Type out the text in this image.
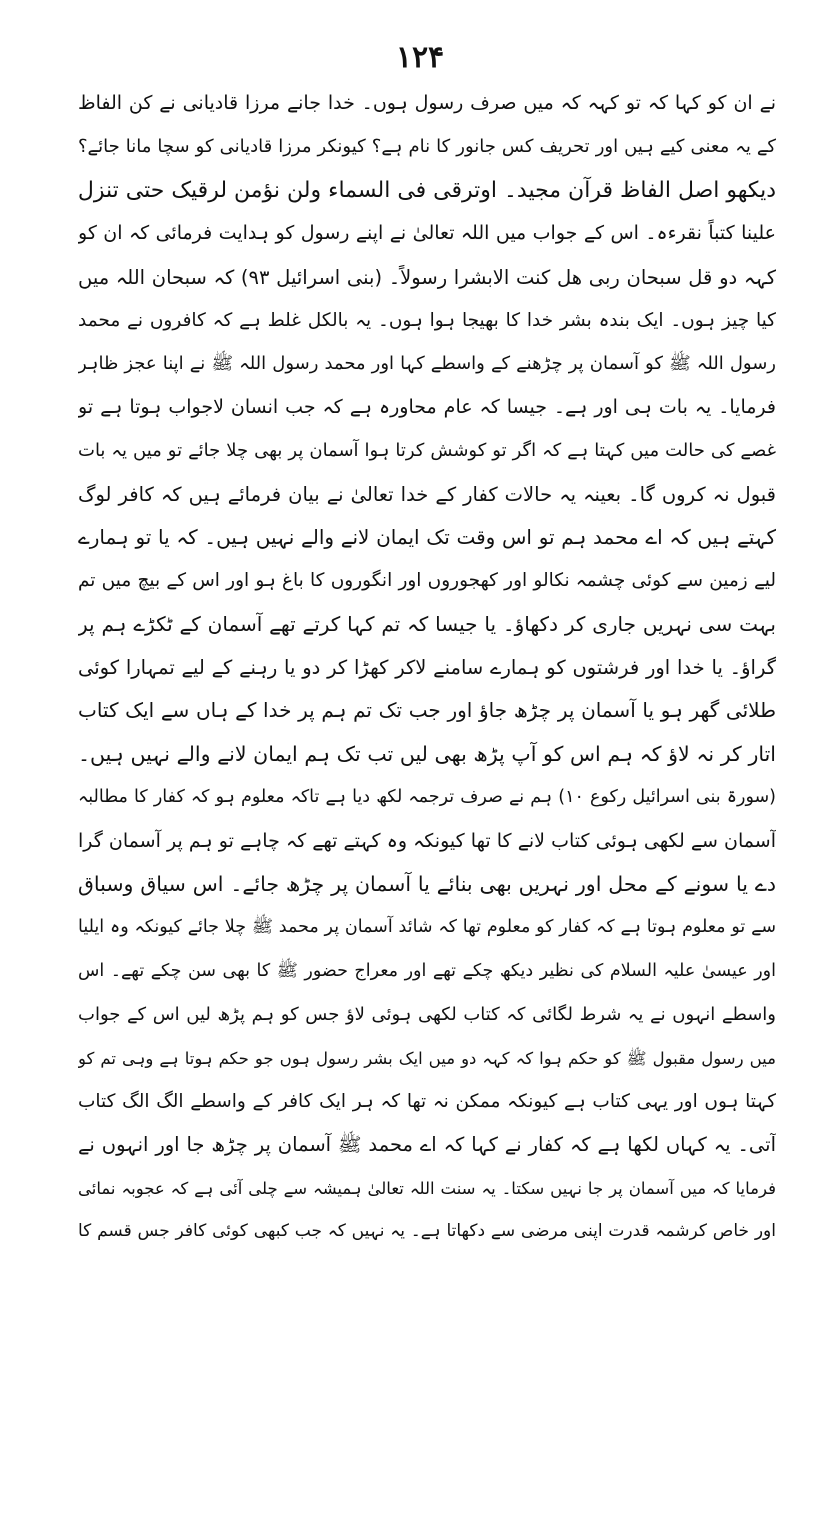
۱۲۴
نے ان کو کہا کہ تو کہہ کہ میں صرف رسول ہوں۔ خدا جانے مرزا قادیانی نے کن الفاظ
کے یہ معنی کیے ہیں اور تحریف کس جانور کا نام ہے؟ کیونکر مرزا قادیانی کو سچا مانا جائے؟
دیکھو اصل الفاظ قرآن مجید۔ اوترقی فی السماء ولن نؤمن لرقیک حتی تنزل
علینا کتباً نقرءہ۔ اس کے جواب میں اللہ تعالیٰ نے اپنے رسول کو ہدایت فرمائی کہ ان کو
کہہ دو قل سبحان ربی ھل کنت الابشرا رسولاً۔ (بنی اسرائیل ۹۳) کہ سبحان اللہ میں
کیا چیز ہوں۔ ایک بندہ بشر خدا کا بھیجا ہوا ہوں۔ یہ بالکل غلط ہے کہ کافروں نے محمد
رسول اللہ ﷺ کو آسمان پر چڑھنے کے واسطے کہا اور محمد رسول اللہ ﷺ نے اپنا عجز ظاہر
فرمایا۔ یہ بات ہی اور ہے۔ جیسا کہ عام محاورہ ہے کہ جب انسان لاجواب ہوتا ہے تو
غصے کی حالت میں کہتا ہے کہ اگر تو کوشش کرتا ہوا آسمان پر بھی چلا جائے تو میں یہ بات
قبول نہ کروں گا۔ بعینہ یہ حالات کفار کے خدا تعالیٰ نے بیان فرمائے ہیں کہ کافر لوگ
کہتے ہیں کہ اے محمد ہم تو اس وقت تک ایمان لانے والے نہیں ہیں۔ کہ یا تو ہمارے
لیے زمین سے کوئی چشمہ نکالو اور کھجوروں اور انگوروں کا باغ ہو اور اس کے بیچ میں تم
بہت سی نہریں جاری کر دکھاؤ۔ یا جیسا کہ تم کہا کرتے تھے آسمان کے ٹکڑے ہم پر
گراؤ۔ یا خدا اور فرشتوں کو ہمارے سامنے لاکر کھڑا کر دو یا رہنے کے لیے تمہارا کوئی
طلائی گھر ہو یا آسمان پر چڑھ جاؤ اور جب تک تم ہم پر خدا کے ہاں سے ایک کتاب
اتار کر نہ لاؤ کہ ہم اس کو آپ پڑھ بھی لیں تب تک ہم ایمان لانے والے نہیں ہیں۔
(سورۃ بنی اسرائیل رکوع ۱۰) ہم نے صرف ترجمہ لکھ دیا ہے تاکہ معلوم ہو کہ کفار کا مطالبہ
آسمان سے لکھی ہوئی کتاب لانے کا تھا کیونکہ وہ کہتے تھے کہ چاہے تو ہم پر آسمان گرا
دے یا سونے کے محل اور نہریں بھی بنائے یا آسمان پر چڑھ جائے۔ اس سیاق وسباق
سے تو معلوم ہوتا ہے کہ کفار کو معلوم تھا کہ شائد آسمان پر محمد ﷺ چلا جائے کیونکہ وہ ایلیا
اور عیسیٰ علیہ السلام کی نظیر دیکھ چکے تھے اور معراج حضور ﷺ کا بھی سن چکے تھے۔ اس
واسطے انہوں نے یہ شرط لگائی کہ کتاب لکھی ہوئی لاؤ جس کو ہم پڑھ لیں اس کے جواب
میں رسول مقبول ﷺ کو حکم ہوا کہ کہہ دو میں ایک بشر رسول ہوں جو حکم ہوتا ہے وہی تم کو
کہتا ہوں اور یہی کتاب ہے کیونکہ ممکن نہ تھا کہ ہر ایک کافر کے واسطے الگ الگ کتاب
آتی۔ یہ کہاں لکھا ہے کہ کفار نے کہا کہ اے محمد ﷺ آسمان پر چڑھ جا اور انہوں نے
فرمایا کہ میں آسمان پر جا نہیں سکتا۔ یہ سنت اللہ تعالیٰ ہمیشہ سے چلی آئی ہے کہ عجوبہ نمائی
اور خاص کرشمہ قدرت اپنی مرضی سے دکھاتا ہے۔ یہ نہیں کہ جب کبھی کوئی کافر جس قسم کا
